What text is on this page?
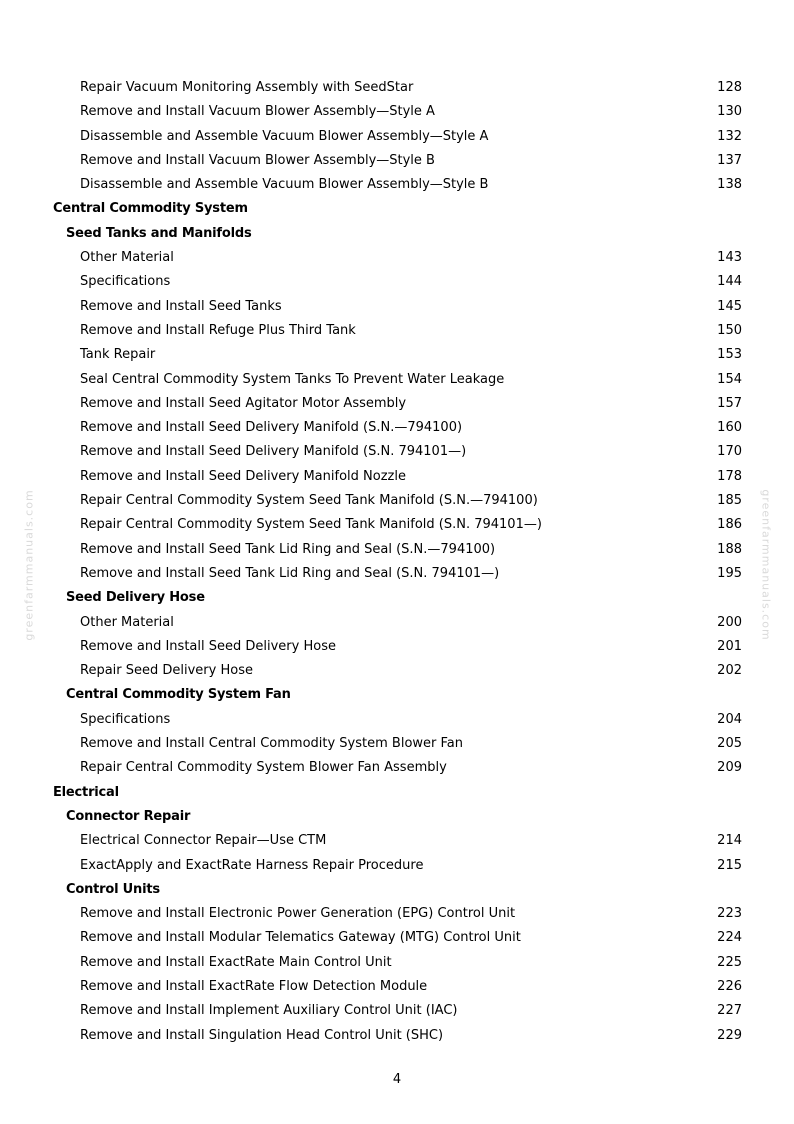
Repair Vacuum Monitoring Assembly with SeedStar	128
Remove and Install Vacuum Blower Assembly—Style A	130
Disassemble and Assemble Vacuum Blower Assembly—Style A	132
Remove and Install Vacuum Blower Assembly—Style B	137
Disassemble and Assemble Vacuum Blower Assembly—Style B	138
Central Commodity System
Seed Tanks and Manifolds
Other Material	143
Specifications	144
Remove and Install Seed Tanks	145
Remove and Install Refuge Plus Third Tank	150
Tank Repair	153
Seal Central Commodity System Tanks To Prevent Water Leakage	154
Remove and Install Seed Agitator Motor Assembly	157
Remove and Install Seed Delivery Manifold (S.N.—794100)	160
Remove and Install Seed Delivery Manifold (S.N. 794101—)	170
Remove and Install Seed Delivery Manifold Nozzle	178
Repair Central Commodity System Seed Tank Manifold (S.N.—794100)	185
Repair Central Commodity System Seed Tank Manifold (S.N. 794101—)	186
Remove and Install Seed Tank Lid Ring and Seal (S.N.—794100)	188
Remove and Install Seed Tank Lid Ring and Seal (S.N. 794101—)	195
Seed Delivery Hose
Other Material	200
Remove and Install Seed Delivery Hose	201
Repair Seed Delivery Hose	202
Central Commodity System Fan
Specifications	204
Remove and Install Central Commodity System Blower Fan	205
Repair Central Commodity System Blower Fan Assembly	209
Electrical
Connector Repair
Electrical Connector Repair—Use CTM	214
ExactApply and ExactRate Harness Repair Procedure	215
Control Units
Remove and Install Electronic Power Generation (EPG) Control Unit	223
Remove and Install Modular Telematics Gateway (MTG) Control Unit	224
Remove and Install ExactRate Main Control Unit	225
Remove and Install ExactRate Flow Detection Module	226
Remove and Install Implement Auxiliary Control Unit (IAC)	227
Remove and Install Singulation Head Control Unit (SHC)	229
greenfarmmanuals.com	greenfarmmanuals.com
4
